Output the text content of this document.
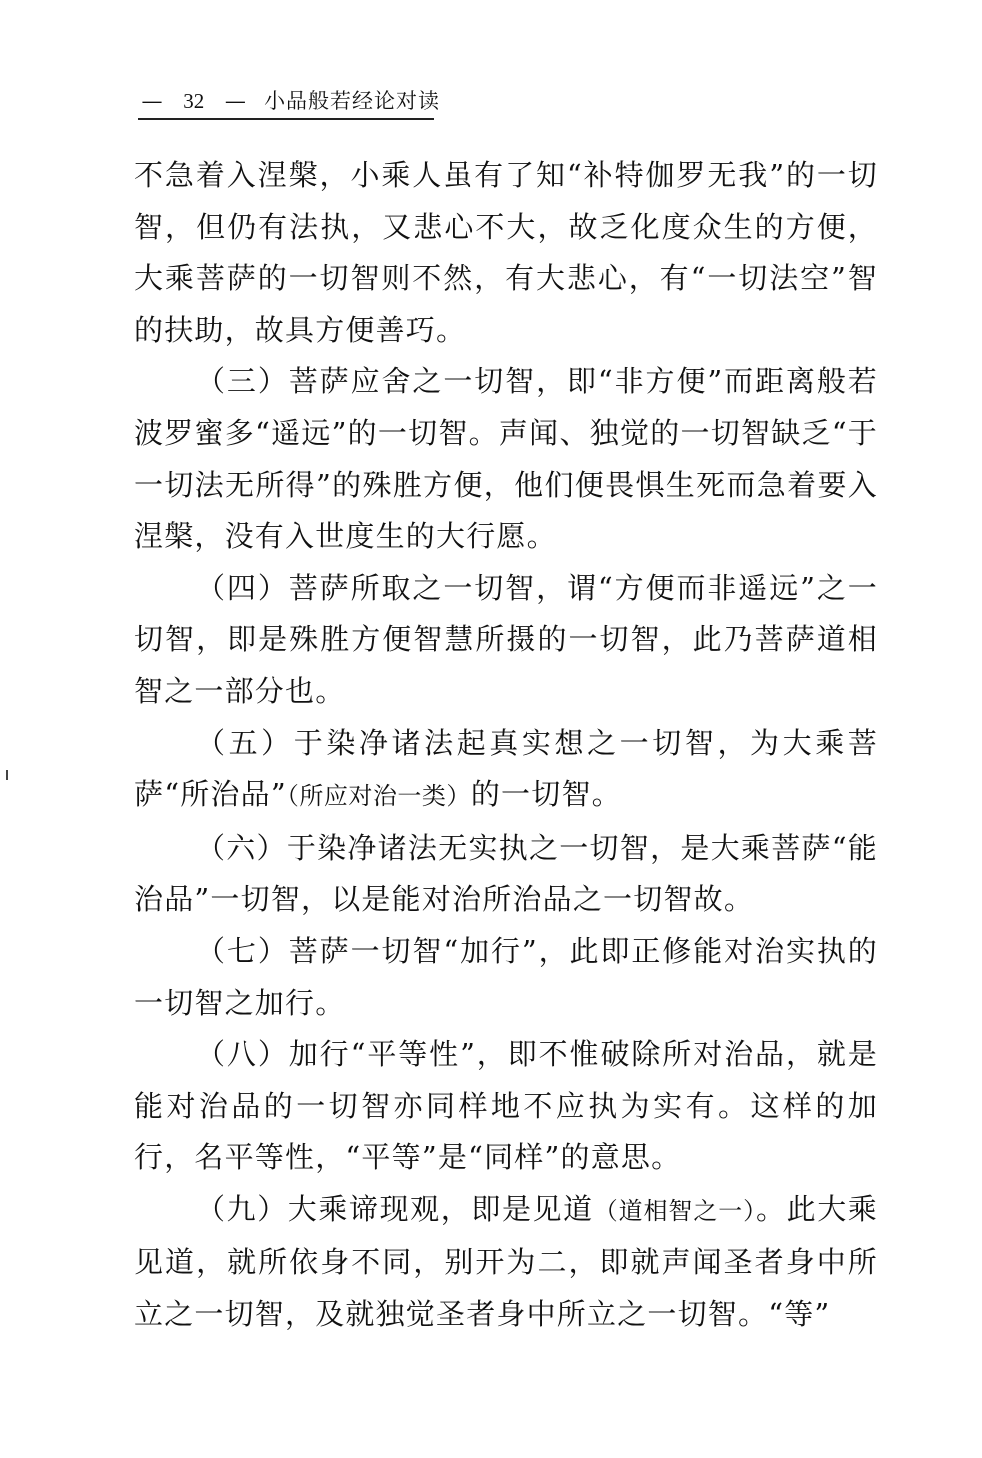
— 32 — 小品般若经论对读

不急着入涅槃，小乘人虽有了知“补特伽罗无我”的一切智，但仍有法执，又悲心不大，故乏化度众生的方便，大乘菩萨的一切智则不然，有大悲心，有“一切法空”智的扶助，故具方便善巧。

（三）菩萨应舍之一切智，即“非方便”而距离般若波罗蜜多“遥远”的一切智。声闻、独觉的一切智缺乏“于一切法无所得”的殊胜方便，他们便畏惧生死而急着要入涅槃，没有入世度生的大行愿。

（四）菩萨所取之一切智，谓“方便而非遥远”之一切智，即是殊胜方便智慧所摄的一切智，此乃菩萨道相智之一部分也。

（五）于染净诸法起真实想之一切智，为大乘菩萨“所治品”（所应对治一类）的一切智。

（六）于染净诸法无实执之一切智，是大乘菩萨“能治品”一切智，以是能对治所治品之一切智故。

（七）菩萨一切智“加行”，此即正修能对治实执的一切智之加行。

（八）加行“平等性”，即不惟破除所对治品，就是能对治品的一切智亦同样地不应执为实有。这样的加行，名平等性，“平等”是“同样”的意思。

（九）大乘谛现观，即是见道（道相智之一）。此大乘见道，就所依身不同，别开为二，即就声闻圣者身中所立之一切智，及就独觉圣者身中所立之一切智。“等”
